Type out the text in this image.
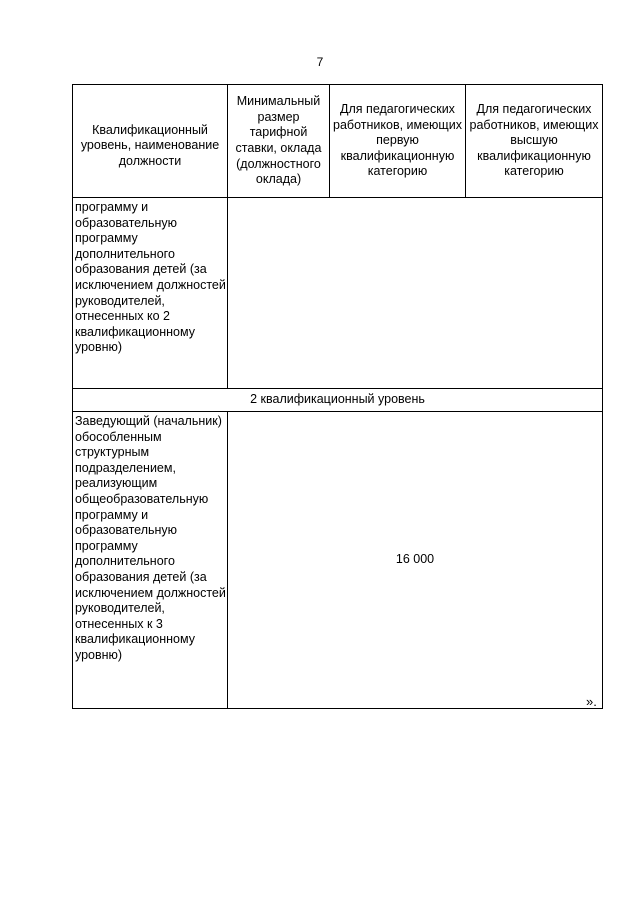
7
Квалификационный уровень, наименование должности	Минимальный размер тарифной ставки, оклада (должностного оклада)	Для педагогических работников, имеющих первую квалификационную категорию	Для педагогических работников, имеющих высшую квалификационную категорию
программу и образовательную программу дополнительного образования детей (за исключением должностей руководителей, отнесенных ко 2 квалификационному уровню)			
2 квалификационный уровень			
Заведующий (начальник) обособленным структурным подразделением, реализующим общеобразовательную программу и образовательную программу дополнительного образования детей (за исключением должностей руководителей, отнесенных к 3 квалификационному уровню)	16 000		
».
